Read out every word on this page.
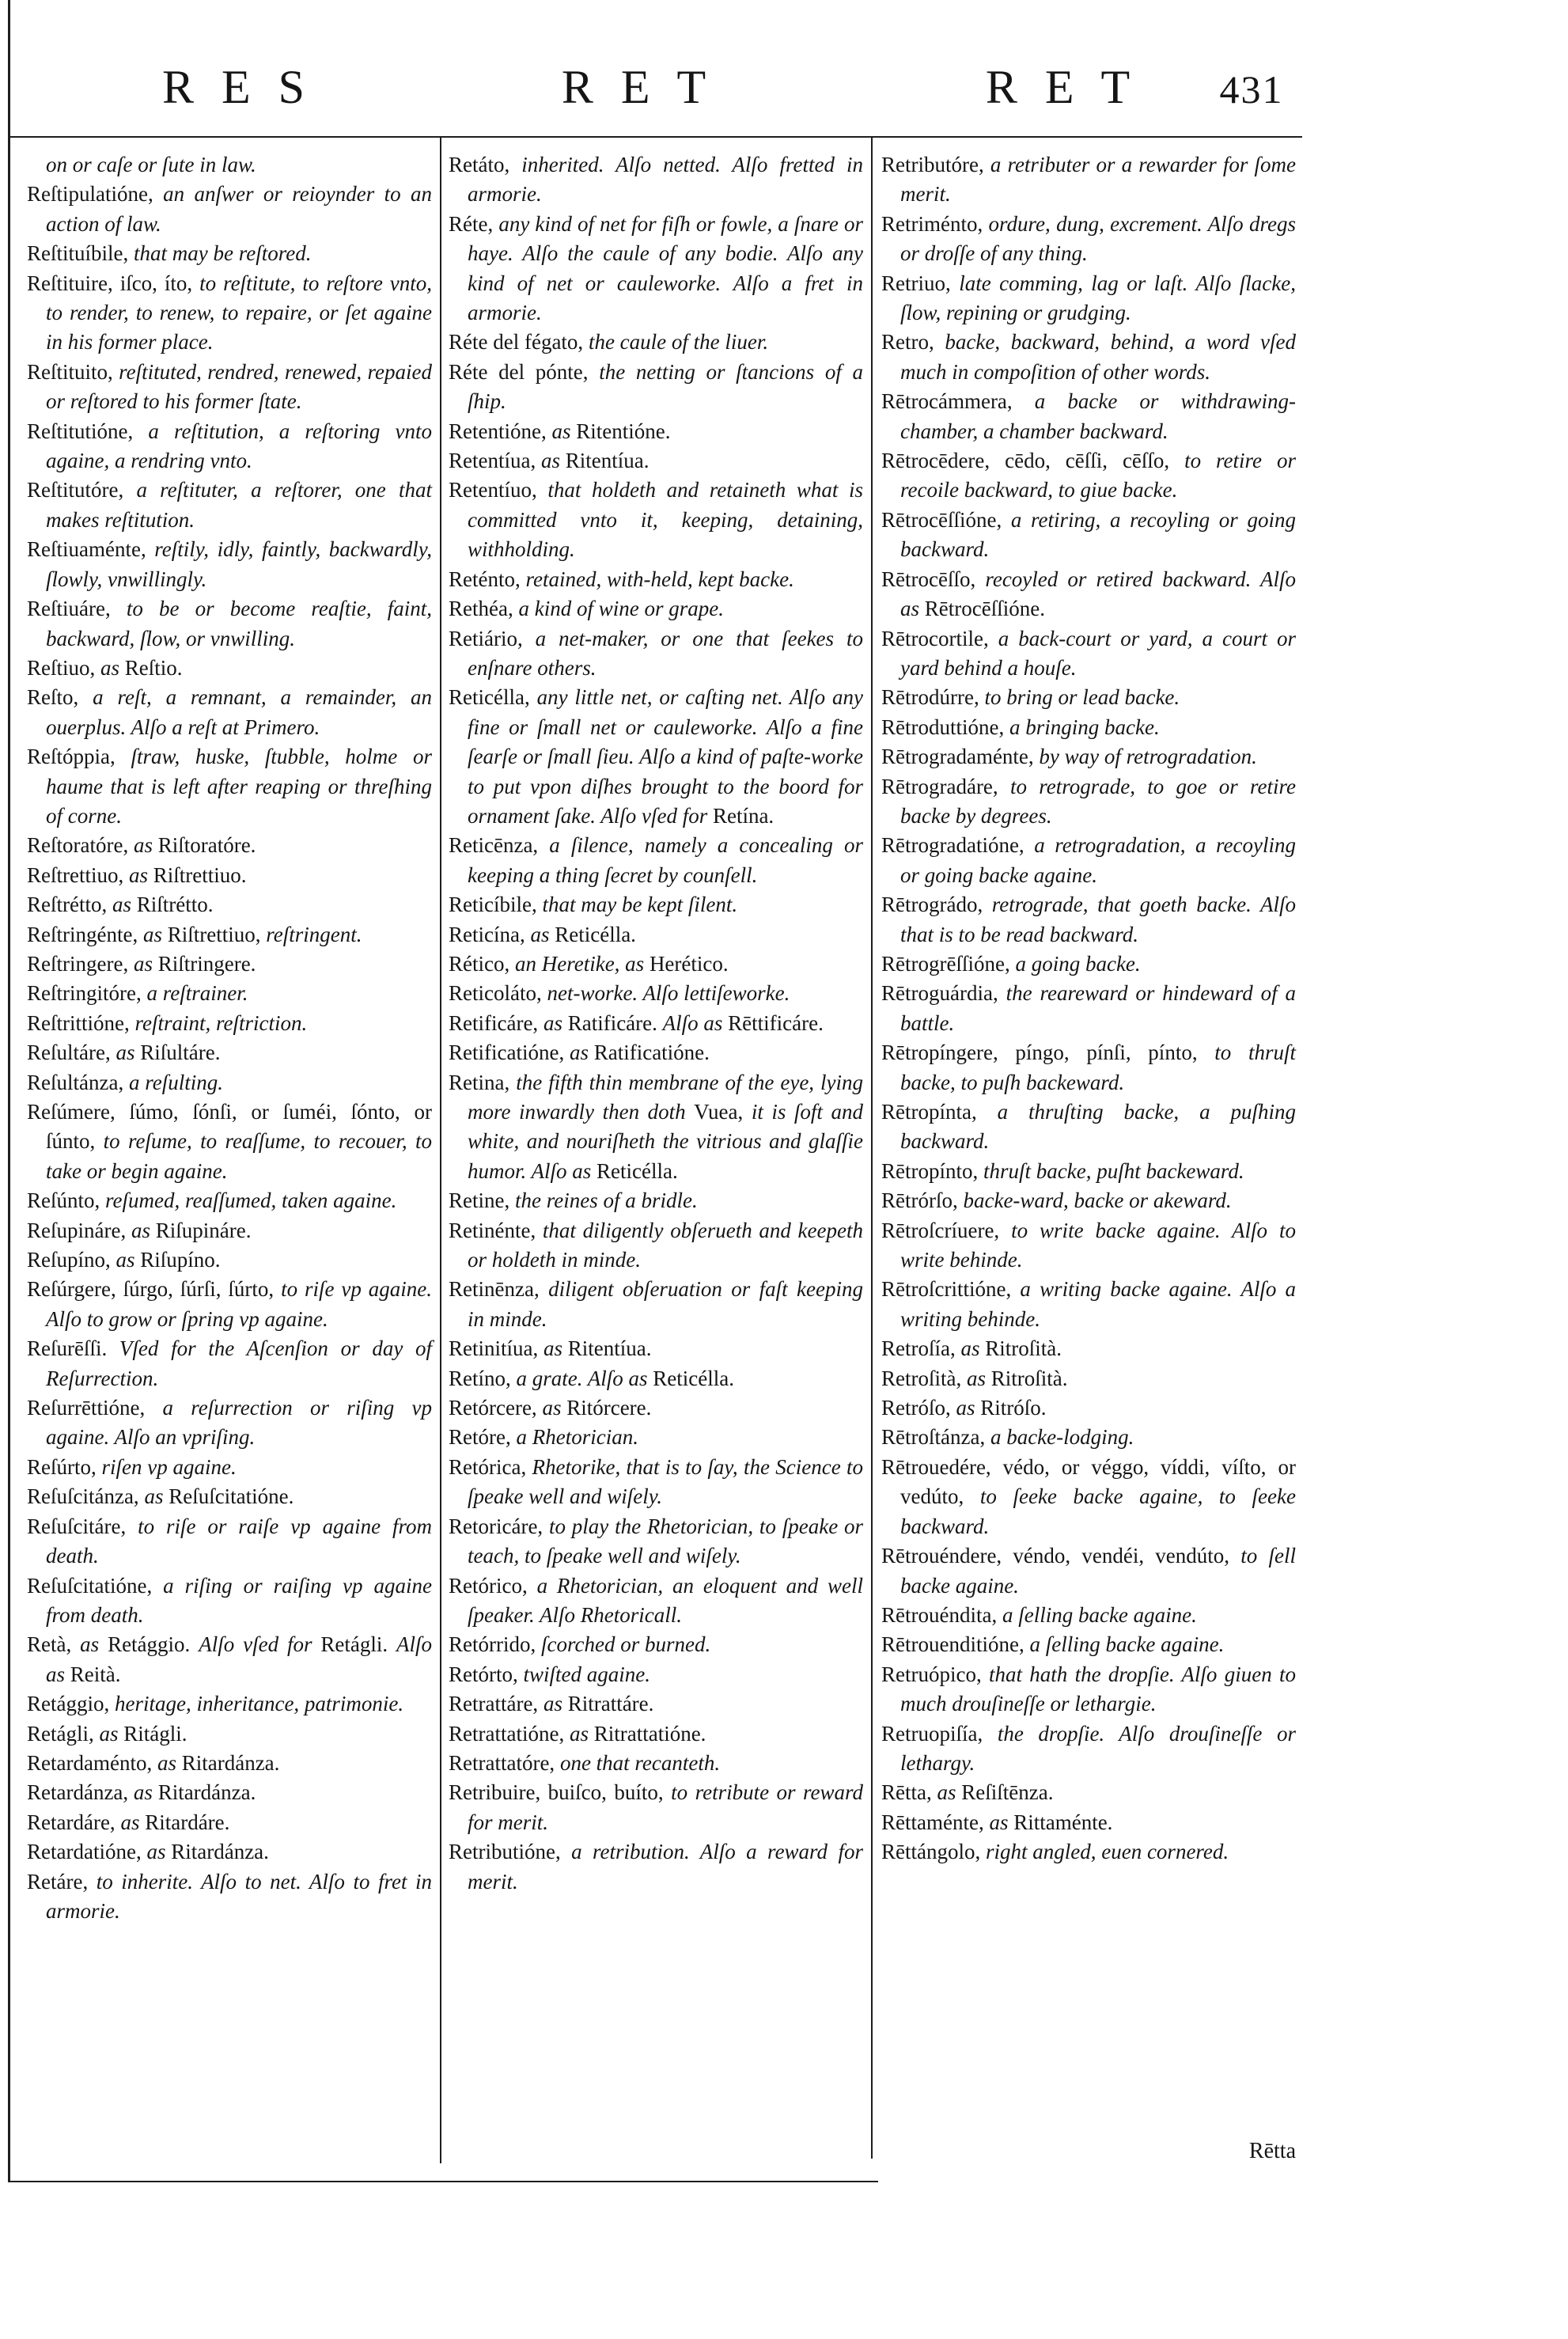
R E S	R E T	R E T 431

on or caſe or ſute in law.

Reſtipulatióne, an anſwer or reioynder to an action of law.

Reſtituíbile, that may be reſtored.

Reſtituire, iſco, íto, to reſtitute, to reſtore vnto, to render, to renew, to repaire, or ſet againe in his former place.

Reſtituito, reſtituted, rendred, renewed, repaied or reſtored to his former ſtate.

Reſtitutióne, a reſtitution, a reſtoring vnto againe, a rendring vnto.

Reſtitutóre, a reſtituter, a reſtorer, one that makes reſtitution.

Reſtiuaménte, reſtily, idly, faintly, backwardly, ſlowly, vnwillingly.

Reſtiuáre, to be or become reaſtie, faint, backward, ſlow, or vnwilling.

Reſtiuo, as Reſtio.

Reſto, a reſt, a remnant, a remainder, an ouerplus. Alſo a reſt at Primero.

Reſtóppia, ſtraw, huske, ſtubble, holme or haume that is left after reaping or threſhing of corne.

Reſtoratóre, as Riſtoratóre.

Reſtrettiuo, as Riſtrettiuo.

Reſtrétto, as Riſtrétto.

Reſtringénte, as Riſtrettiuo, reſtringent.

Reſtringere, as Riſtringere.

Reſtringitóre, a reſtrainer.

Reſtrittióne, reſtraint, reſtriction.

Reſultáre, as Riſultáre.

Reſultánza, a reſulting.

Reſúmere, ſúmo, ſónſi, or ſuméi, ſónto, or ſúnto, to reſume, to reaſſume, to recouer, to take or begin againe.

Reſúnto, reſumed, reaſſumed, taken againe.

Reſupináre, as Riſupináre.

Reſupíno, as Riſupíno.

Reſúrgere, ſúrgo, ſúrſi, ſúrto, to riſe vp againe. Alſo to grow or ſpring vp againe.

Reſurēſſi. Vſed for the Aſcenſion or day of Reſurrection.

Reſurrēttióne, a reſurrection or riſing vp againe. Alſo an vpriſing.

Reſúrto, riſen vp againe.

Reſuſcitánza, as Reſuſcitatióne.

Reſuſcitáre, to riſe or raiſe vp againe from death.

Reſuſcitatióne, a riſing or raiſing vp againe from death.

Retà, as Retággio. Alſo vſed for Retágli. Alſo as Reità.

Retággio, heritage, inheritance, patrimonie.

Retágli, as Ritágli.

Retardaménto, as Ritardánza.

Retardánza, as Ritardánza.

Retardáre, as Ritardáre.

Retardatióne, as Ritardánza.

Retáre, to inherite. Alſo to net. Alſo to fret in armorie.

Retáto, inherited. Alſo netted. Alſo fretted in armorie.

Réte, any kind of net for fiſh or fowle, a ſnare or haye. Alſo the caule of any bodie. Alſo any kind of net or cauleworke. Alſo a fret in armorie.

Réte del fégato, the caule of the liuer.

Réte del pónte, the netting or ſtancions of a ſhip.

Retentióne, as Ritentióne.

Retentíua, as Ritentíua.

Retentíuo, that holdeth and retaineth what is committed vnto it, keeping, detaining, withholding.

Reténto, retained, with-held, kept backe.

Rethéa, a kind of wine or grape.

Retiário, a net-maker, or one that ſeekes to enſnare others.

Reticélla, any little net, or caſting net. Alſo any fine or ſmall net or cauleworke. Alſo a fine ſearſe or ſmall ſieu. Alſo a kind of paſte-worke to put vpon diſhes brought to the boord for ornament ſake. Alſo vſed for Retína.

Reticēnza, a ſilence, namely a concealing or keeping a thing ſecret by counſell.

Reticíbile, that may be kept ſilent.

Reticína, as Reticélla.

Rético, an Heretike, as Herético.

Reticoláto, net-worke. Alſo lettiſeworke.

Retificáre, as Ratificáre. Alſo as Rēttificáre.

Retificatióne, as Ratificatióne.

Retina, the fifth thin membrane of the eye, lying more inwardly then doth Vuea, it is ſoft and white, and nouriſheth the vitrious and glaſſie humor. Alſo as Reticélla.

Retine, the reines of a bridle.

Retinénte, that diligently obſerueth and keepeth or holdeth in minde.

Retinēnza, diligent obſeruation or faſt keeping in minde.

Retinitíua, as Ritentíua.

Retíno, a grate. Alſo as Reticélla.

Retórcere, as Ritórcere.

Retóre, a Rhetorician.

Retórica, Rhetorike, that is to ſay, the Science to ſpeake well and wiſely.

Retoricáre, to play the Rhetorician, to ſpeake or teach, to ſpeake well and wiſely.

Retórico, a Rhetorician, an eloquent and well ſpeaker. Alſo Rhetoricall.

Retórrido, ſcorched or burned.

Retórto, twiſted againe.

Retrattáre, as Ritrattáre.

Retrattatióne, as Ritrattatióne.

Retrattatóre, one that recanteth.

Retribuire, buiſco, buíto, to retribute or reward for merit.

Retributióne, a retribution. Alſo a reward for merit.

Retributóre, a retributer or a rewarder for ſome merit.

Retriménto, ordure, dung, excrement. Alſo dregs or droſſe of any thing.

Retriuo, late comming, lag or laſt. Alſo ſlacke, ſlow, repining or grudging.

Retro, backe, backward, behind, a word vſed much in compoſition of other words.

Rētrocámmera, a backe or withdrawing-chamber, a chamber backward.

Rētrocēdere, cēdo, cēſſi, cēſſo, to retire or recoile backward, to giue backe.

Rētrocēſſióne, a retiring, a recoyling or going backward.

Rētrocēſſo, recoyled or retired backward. Alſo as Rētrocēſſióne.

Rētrocortile, a back-court or yard, a court or yard behind a houſe.

Rētrodúrre, to bring or lead backe.

Rētroduttióne, a bringing backe.

Rētrogradaménte, by way of retrogradation.

Rētrogradáre, to retrograde, to goe or retire backe by degrees.

Rētrogradatióne, a retrogradation, a recoyling or going backe againe.

Rētrográdo, retrograde, that goeth backe. Alſo that is to be read backward.

Rētrogrēſſióne, a going backe.

Rētroguárdia, the reareward or hindeward of a battle.

Rētropíngere, píngo, pínſi, pínto, to thruſt backe, to puſh backeward.

Rētropínta, a thruſting backe, a puſhing backward.

Rētropínto, thruſt backe, puſht backeward.

Rētrórſo, backe-ward, backe or akeward.

Rētroſcríuere, to write backe againe. Alſo to write behinde.

Rētroſcrittióne, a writing backe againe. Alſo a writing behinde.

Retroſía, as Ritroſità.

Retroſità, as Ritroſità.

Retróſo, as Ritróſo.

Rētroſtánza, a backe-lodging.

Rētrouedére, védo, or véggo, víddi, víſto, or vedúto, to ſeeke backe againe, to ſeeke backward.

Rētrouéndere, véndo, vendéi, vendúto, to ſell backe againe.

Rētrouéndita, a ſelling backe againe.

Rētrouenditióne, a ſelling backe againe.

Retruópico, that hath the dropſie. Alſo giuen to much drouſineſſe or lethargie.

Retruopiſía, the dropſie. Alſo drouſineſſe or lethargy.

Rētta, as Reſiſtēnza.

Rēttaménte, as Rittaménte.

Rēttángolo, right angled, euen cornered.

Rētta
